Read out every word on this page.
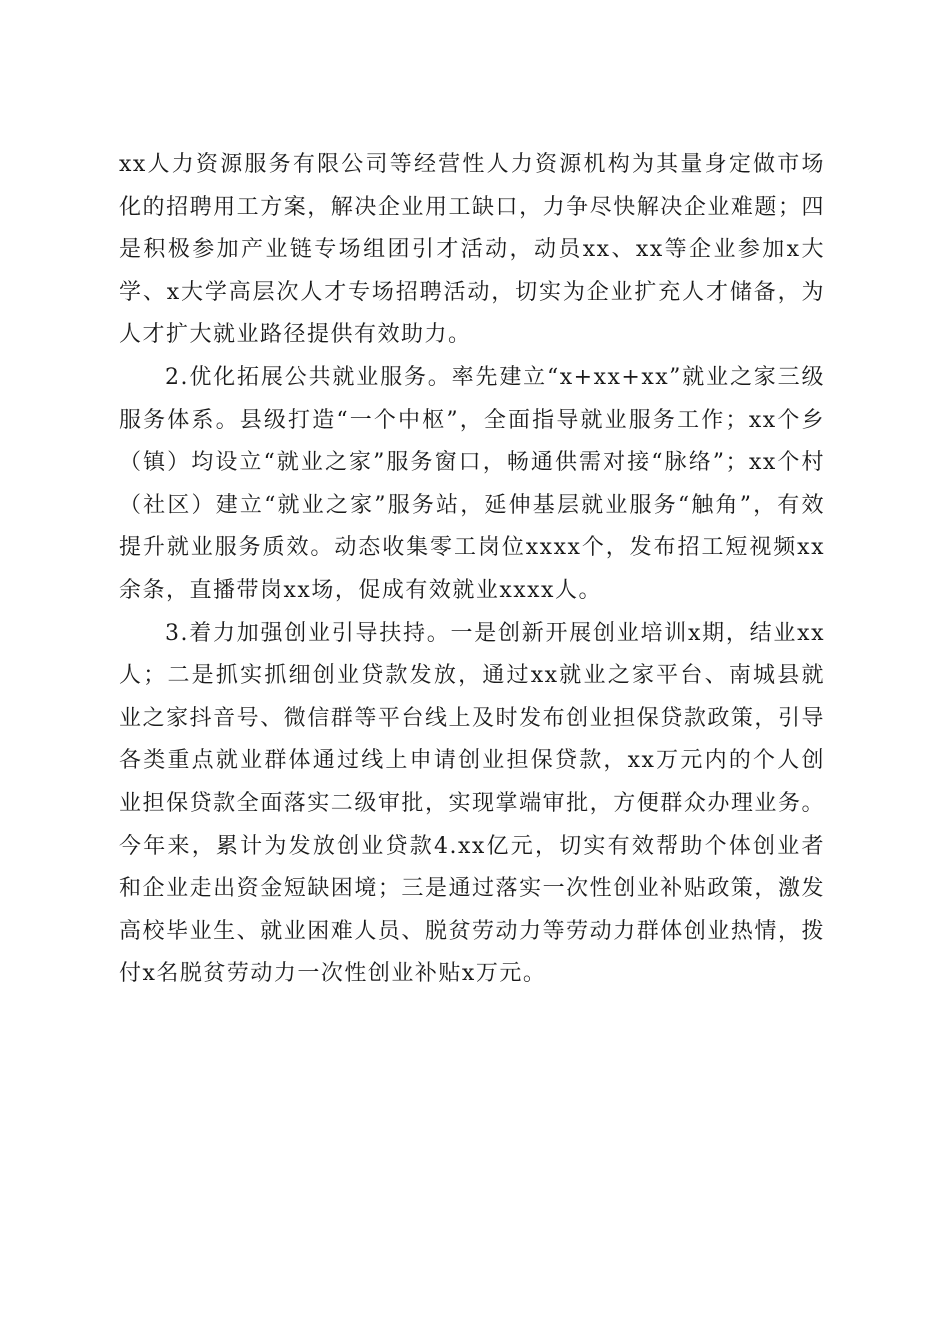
xx人力资源服务有限公司等经营性人力资源机构为其量身定做市场化的招聘用工方案，解决企业用工缺口，力争尽快解决企业难题；四是积极参加产业链专场组团引才活动，动员xx、xx等企业参加x大学、x大学高层次人才专场招聘活动，切实为企业扩充人才储备，为人才扩大就业路径提供有效助力。

2.优化拓展公共就业服务。率先建立“x+xx+xx”就业之家三级服务体系。县级打造“一个中枢”，全面指导就业服务工作；xx个乡（镇）均设立“就业之家”服务窗口，畅通供需对接“脉络”；xx个村（社区）建立“就业之家”服务站，延伸基层就业服务“触角”，有效提升就业服务质效。动态收集零工岗位xxxx个，发布招工短视频xx余条，直播带岗xx场，促成有效就业xxxx人。

3.着力加强创业引导扶持。一是创新开展创业培训x期，结业xx人；二是抓实抓细创业贷款发放，通过xx就业之家平台、南城县就业之家抖音号、微信群等平台线上及时发布创业担保贷款政策，引导各类重点就业群体通过线上申请创业担保贷款，xx万元内的个人创业担保贷款全面落实二级审批，实现掌端审批，方便群众办理业务。今年来，累计为发放创业贷款4.xx亿元，切实有效帮助个体创业者和企业走出资金短缺困境；三是通过落实一次性创业补贴政策，激发高校毕业生、就业困难人员、脱贫劳动力等劳动力群体创业热情，拨付x名脱贫劳动力一次性创业补贴x万元。
